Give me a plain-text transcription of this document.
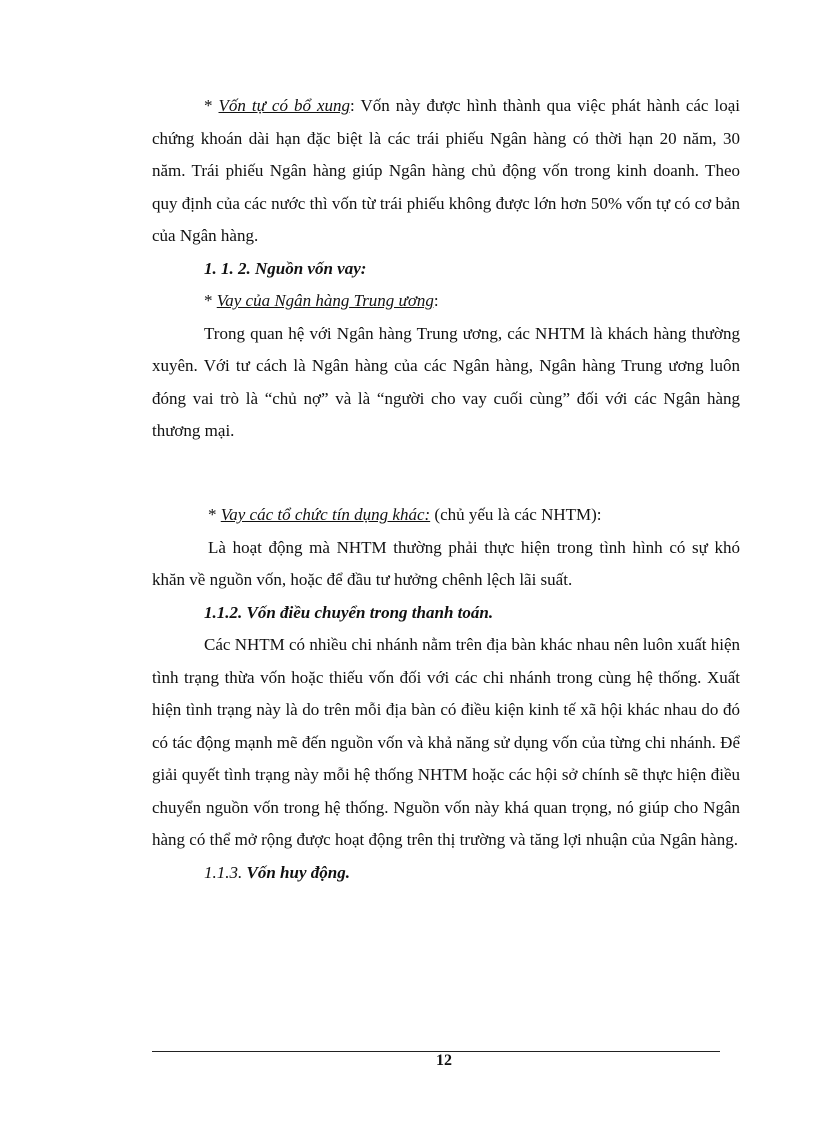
* Vốn tự có bổ xung: Vốn này được hình thành qua việc phát hành các loại chứng khoán dài hạn đặc biệt là các trái phiếu Ngân hàng có thời hạn 20 năm, 30 năm. Trái phiếu Ngân hàng giúp Ngân hàng chủ động vốn trong kinh doanh. Theo quy định của các nước thì vốn từ trái phiếu không được lớn hơn 50% vốn tự có cơ bản của Ngân hàng.

1. 1. 2. Nguồn vốn vay:

* Vay của Ngân hàng Trung ương:

Trong quan hệ với Ngân hàng Trung ương, các NHTM là khách hàng thường xuyên. Với tư cách là Ngân hàng của các Ngân hàng, Ngân hàng Trung ương luôn đóng vai trò là “chủ nợ” và là “người cho vay cuối cùng” đối với các Ngân hàng thương mại.

* Vay các tổ chức tín dụng khác: (chủ yếu là các NHTM):

Là hoạt động mà NHTM thường phải thực hiện trong tình hình có sự khó khăn về nguồn vốn, hoặc để đầu tư hưởng chênh lệch lãi suất.

1.1.2. Vốn điều chuyển trong thanh toán.

Các NHTM có nhiều chi nhánh nằm trên địa bàn khác nhau nên luôn xuất hiện tình trạng thừa vốn hoặc thiếu vốn đối với các chi nhánh trong cùng hệ thống. Xuất hiện tình trạng này là do trên mỗi địa bàn có điều kiện kinh tế xã hội khác nhau do đó có tác động mạnh mẽ đến nguồn vốn và khả năng sử dụng vốn của từng chi nhánh. Để giải quyết tình trạng này mỗi hệ thống NHTM hoặc các hội sở chính sẽ thực hiện điều chuyển nguồn vốn trong hệ thống. Nguồn vốn này khá quan trọng, nó giúp cho Ngân hàng có thể mở rộng được hoạt động trên thị trường và tăng lợi nhuận của Ngân hàng.

1.1.3. Vốn huy động.

12
